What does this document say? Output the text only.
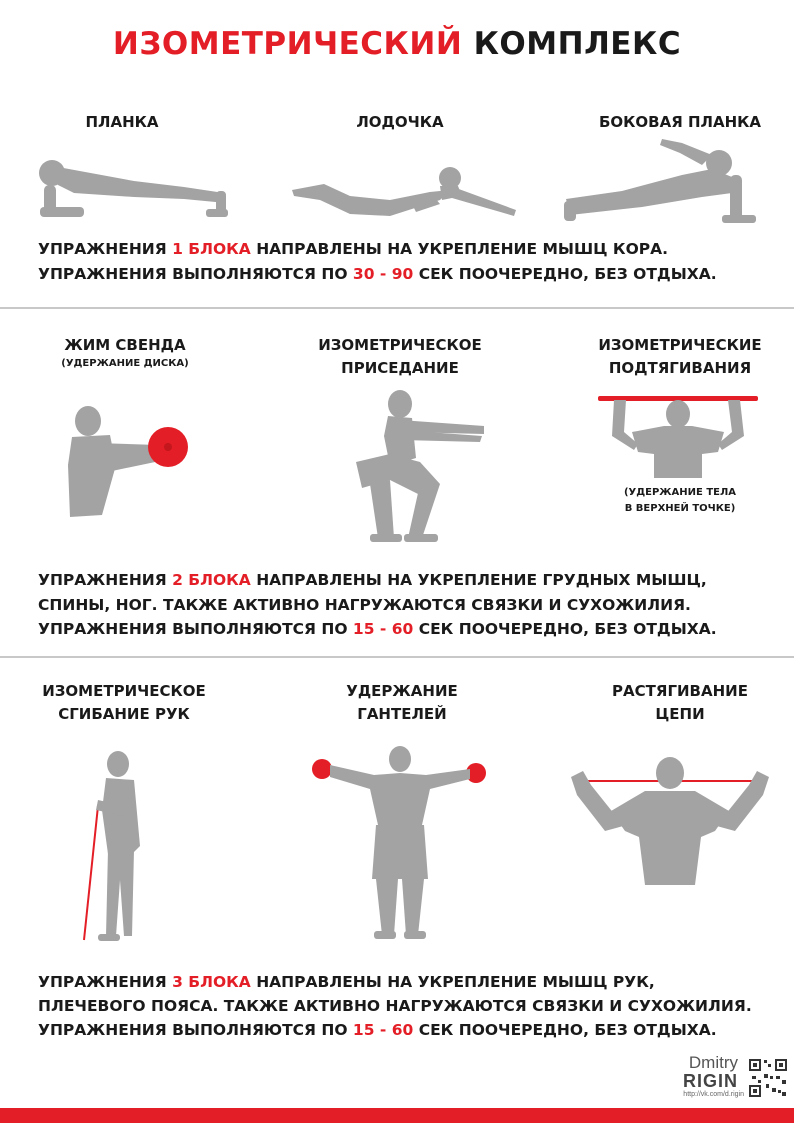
ИЗОМЕТРИЧЕСКИЙ КОМПЛЕКС
ПЛАНКА	ЛОДОЧКА	БОКОВАЯ ПЛАНКА
УПРАЖНЕНИЯ 1 БЛОКА НАПРАВЛЕНЫ НА УКРЕПЛЕНИЕ МЫШЦ КОРА.
УПРАЖНЕНИЯ ВЫПОЛНЯЮТСЯ ПО 30 - 90 СЕК ПООЧЕРЕДНО, БЕЗ ОТДЫХА.
ЖИМ СВЕНДА
(УДЕРЖАНИЕ ДИСКА)
ИЗОМЕТРИЧЕСКОЕ
ПРИСЕДАНИЕ
ИЗОМЕТРИЧЕСКИЕ
ПОДТЯГИВАНИЯ
(УДЕРЖАНИЕ ТЕЛА
В ВЕРХНЕЙ ТОЧКЕ)
УПРАЖНЕНИЯ 2 БЛОКА НАПРАВЛЕНЫ НА УКРЕПЛЕНИЕ ГРУДНЫХ МЫШЦ,
СПИНЫ, НОГ. ТАКЖЕ АКТИВНО НАГРУЖАЮТСЯ СВЯЗКИ И СУХОЖИЛИЯ.
УПРАЖНЕНИЯ ВЫПОЛНЯЮТСЯ ПО 15 - 60 СЕК ПООЧЕРЕДНО, БЕЗ ОТДЫХА.
ИЗОМЕТРИЧЕСКОЕ
СГИБАНИЕ РУК
УДЕРЖАНИЕ
ГАНТЕЛЕЙ
РАСТЯГИВАНИЕ
ЦЕПИ
УПРАЖНЕНИЯ 3 БЛОКА НАПРАВЛЕНЫ НА УКРЕПЛЕНИЕ МЫШЦ РУК,
ПЛЕЧЕВОГО ПОЯСА. ТАКЖЕ АКТИВНО НАГРУЖАЮТСЯ СВЯЗКИ И СУХОЖИЛИЯ.
УПРАЖНЕНИЯ ВЫПОЛНЯЮТСЯ ПО 15 - 60 СЕК ПООЧЕРЕДНО, БЕЗ ОТДЫХА.
Dmitry
RIGIN
http://vk.com/d.rigin
